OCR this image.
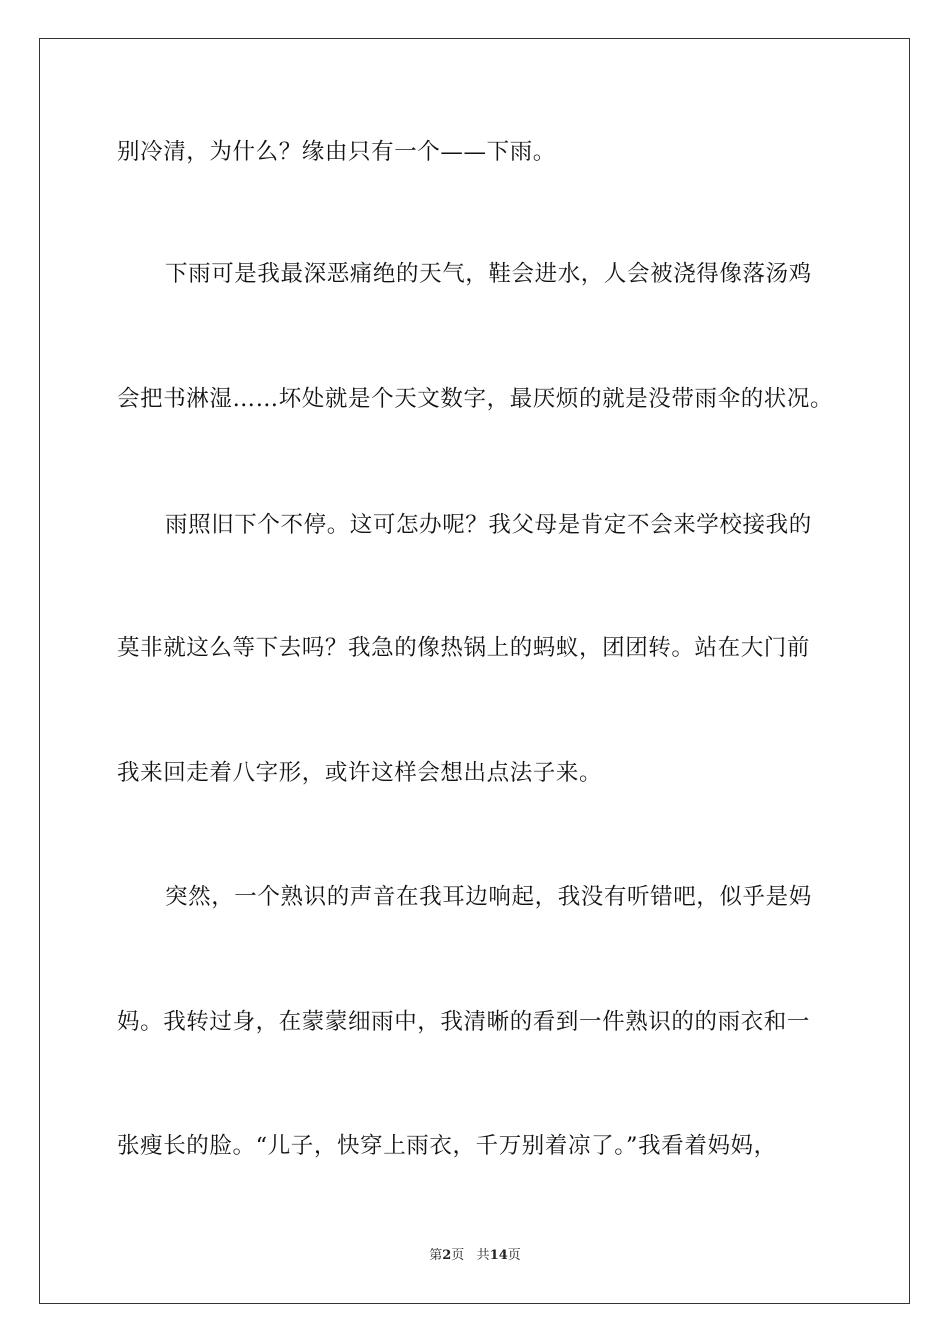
别冷清，为什么？缘由只有一个——下雨。
下雨可是我最深恶痛绝的天气，鞋会进水，人会被浇得像落汤鸡
会把书淋湿……坏处就是个天文数字，最厌烦的就是没带雨伞的状况。
雨照旧下个不停。这可怎办呢？我父母是肯定不会来学校接我的
莫非就这么等下去吗？我急的像热锅上的蚂蚁，团团转。站在大门前
我来回走着八字形，或许这样会想出点法子来。
突然，一个熟识的声音在我耳边响起，我没有听错吧，似乎是妈
妈。我转过身，在蒙蒙细雨中，我清晰的看到一件熟识的的雨衣和一
张瘦长的脸。“儿子，快穿上雨衣，千万别着凉了。”我看着妈妈，
第2页 共14页
